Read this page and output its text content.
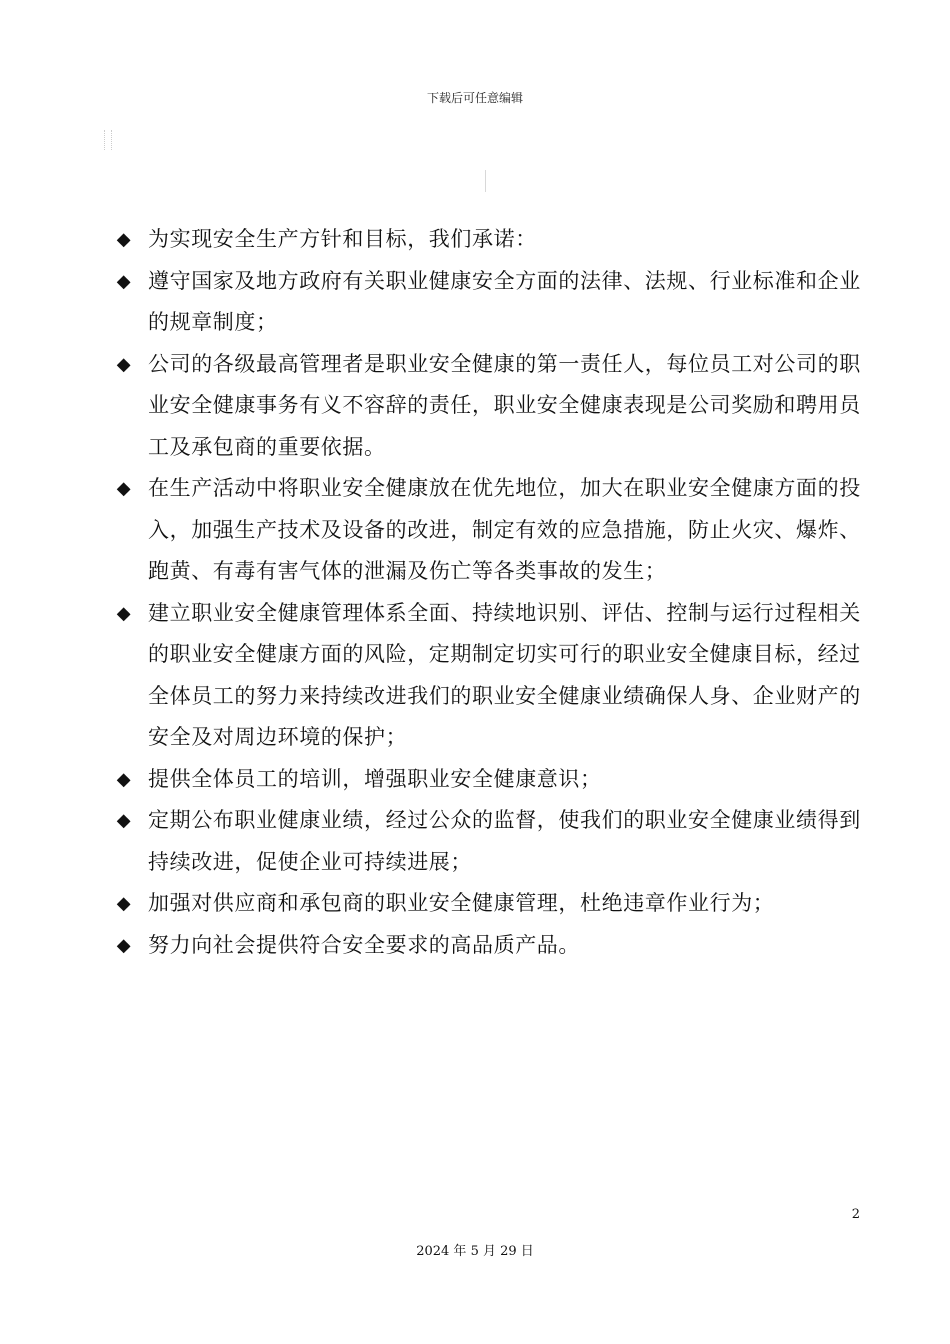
下载后可任意编辑
◆ 为实现安全生产方针和目标，我们承诺：
◆ 遵守国家及地方政府有关职业健康安全方面的法律、法规、行业标准和企业的规章制度；
◆ 公司的各级最高管理者是职业安全健康的第一责任人，每位员工对公司的职业安全健康事务有义不容辞的责任，职业安全健康表现是公司奖励和聘用员工及承包商的重要依据。
◆ 在生产活动中将职业安全健康放在优先地位，加大在职业安全健康方面的投入，加强生产技术及设备的改进，制定有效的应急措施，防止火灾、爆炸、跑黄、有毒有害气体的泄漏及伤亡等各类事故的发生；
◆ 建立职业安全健康管理体系全面、持续地识别、评估、控制与运行过程相关的职业安全健康方面的风险，定期制定切实可行的职业安全健康目标，经过全体员工的努力来持续改进我们的职业安全健康业绩确保人身、企业财产的安全及对周边环境的保护；
◆ 提供全体员工的培训，增强职业安全健康意识；
◆ 定期公布职业健康业绩，经过公众的监督，使我们的职业安全健康业绩得到持续改进，促使企业可持续进展；
◆ 加强对供应商和承包商的职业安全健康管理，杜绝违章作业行为；
◆ 努力向社会提供符合安全要求的高品质产品。
2
2024 年 5 月 29 日
